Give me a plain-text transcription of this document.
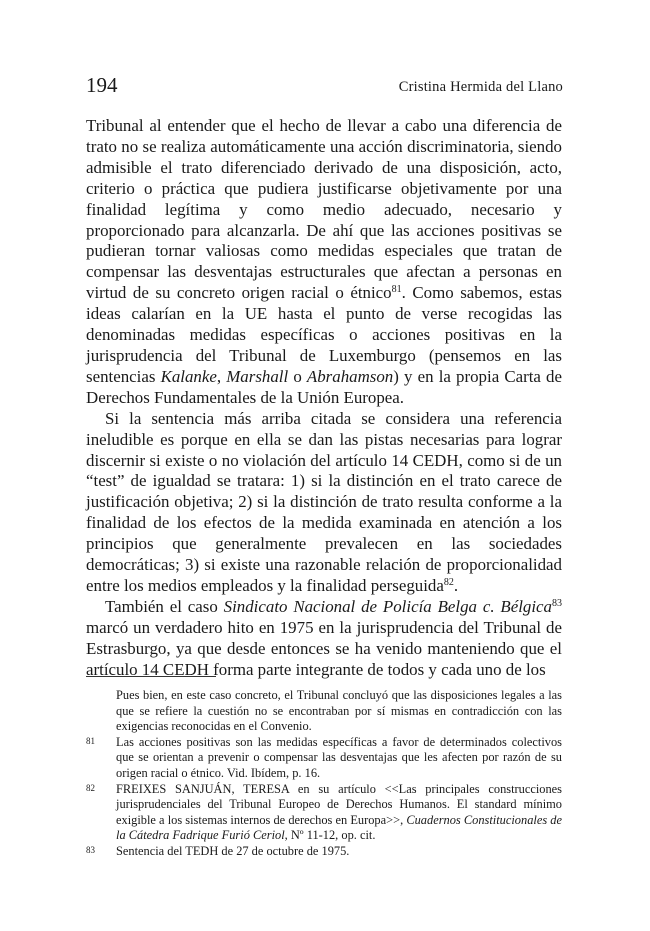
194	Cristina Hermida del Llano

Tribunal al entender que el hecho de llevar a cabo una diferencia de trato no se realiza automáticamente una acción discriminatoria, siendo admisible el trato diferenciado derivado de una disposición, acto, criterio o práctica que pudiera justificarse objetivamente por una finalidad legítima y como medio adecuado, necesario y proporcionado para alcanzarla. De ahí que las acciones positivas se pudieran tornar valiosas como medidas especiales que tratan de compensar las desventajas estructurales que afectan a personas en virtud de su concreto origen racial o étnico$^{81}$. Como sabemos, estas ideas calarían en la UE hasta el punto de verse recogidas las denominadas medidas específicas o acciones positivas en la jurisprudencia del Tribunal de Luxemburgo (pensemos en las sentencias Kalanke, Marshall o Abrahamson) y en la propia Carta de Derechos Fundamentales de la Unión Europea.

Si la sentencia más arriba citada se considera una referencia ineludible es porque en ella se dan las pistas necesarias para lograr discernir si existe o no violación del artículo 14 CEDH, como si de un “test” de igualdad se tratara: 1) si la distinción en el trato carece de justificación objetiva; 2) si la distinción de trato resulta conforme a la finalidad de los efectos de la medida examinada en atención a los principios que generalmente prevalecen en las sociedades democráticas; 3) si existe una razonable relación de proporcionalidad entre los medios empleados y la finalidad perseguida$^{82}$.

También el caso Sindicato Nacional de Policía Belga c. Bélgica$^{83}$ marcó un verdadero hito en 1975 en la jurisprudencia del Tribunal de Estrasburgo, ya que desde entonces se ha venido manteniendo que el artículo 14 CEDH forma parte integrante de todos y cada uno de los

Pues bien, en este caso concreto, el Tribunal concluyó que las disposiciones legales a las que se refiere la cuestión no se encontraban por sí mismas en contradicción con las exigencias reconocidas en el Convenio.
81 Las acciones positivas son las medidas específicas a favor de determinados colectivos que se orientan a prevenir o compensar las desventajas que les afecten por razón de su origen racial o étnico. Vid. Ibídem, p. 16.
82 FREIXES SANJUÁN, TERESA en su artículo <<Las principales construcciones jurisprudenciales del Tribunal Europeo de Derechos Humanos. El standard mínimo exigible a los sistemas internos de derechos en Europa>>, Cuadernos Constitucionales de la Cátedra Fadrique Furió Ceriol, Nº 11-12, op. cit.
83 Sentencia del TEDH de 27 de octubre de 1975.
